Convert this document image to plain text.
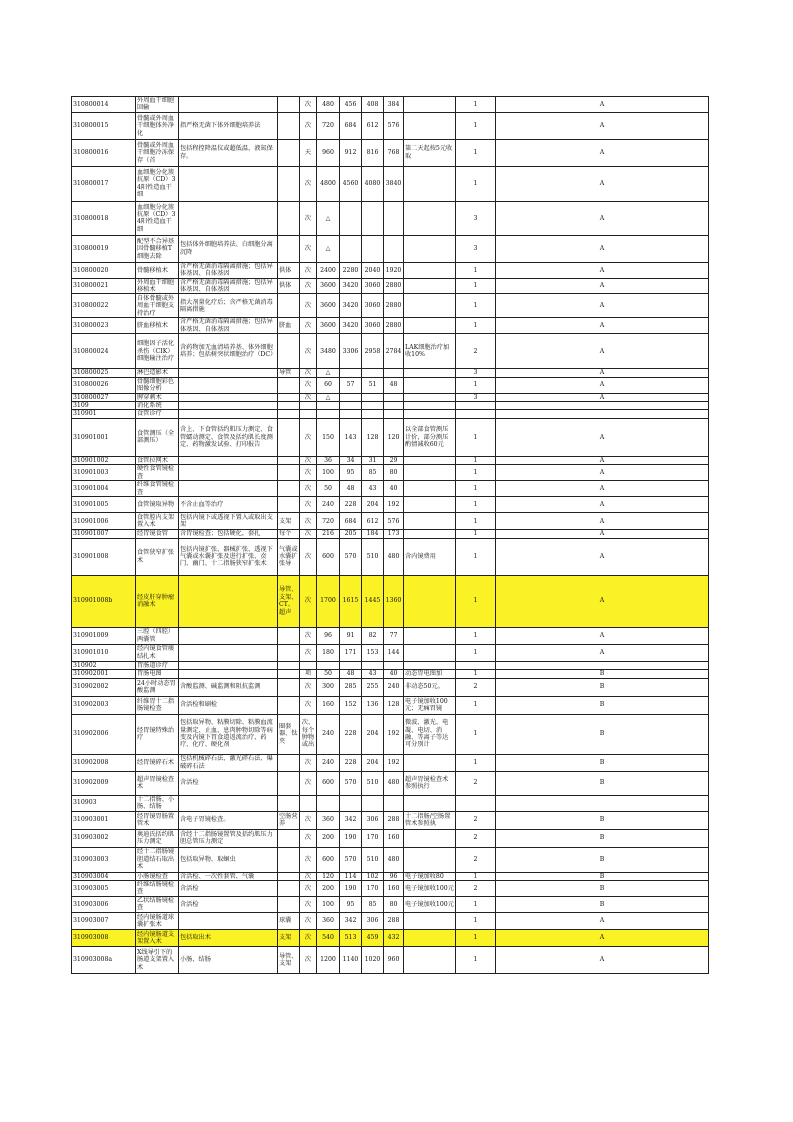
310800014	外周血干细胞回输			次	480	456	408	384		1	A
310800015	骨髓或外周血干细胞体外净化	指严格无菌下体外细胞培养法		次	720	684	612	576		1	A
310800016	骨髓或外周血干细胞冷冻保存（首	包括程控降温仪或超低温、液氮保存。		天	960	912	816	768	第二天起按5元收取	1	A
310800017	血细胞分化簇抗原（CD）34阳性造血干细			次	4800	4560	4080	3840		1	A
310800018	血细胞分化簇抗原（CD）34阳性造血干细			次	△					3	A
310800019	配型不合异基因骨髓移植T细胞去除	包括体外细胞培养法、白细胞分离沉降		次	△					3	A
310800020	骨髓移植术	含严格无菌消毒隔离措施；包括异体基因、自体基因	供体	次	2400	2280	2040	1920		1	A
310800021	外周血干细胞移植术	含严格无菌消毒隔离措施；包括异体基因、自体基因	供体	次	3600	3420	3060	2880		1	A
310800022	自体骨髓或外周血干细胞支持治疗	指大剂量化疗后；含严格无菌消毒隔离措施		次	3600	3420	3060	2880		1	A
310800023	脐血移植术	含严格无菌消毒隔离措施；包括异体基因、自体基因	脐血	次	3600	3420	3060	2880		1	A
310800024	细胞因子活化杀伤（CIK）细胞输注治疗	含药物加无血清培养基、体外细胞培养；包括树突状细胞治疗（DC）		次	3480	3306	2958	2784	LAK细胞治疗加收10%	2	A
310800025	淋巴造影术		导管	次	△					3	A
310800026	骨髓细胞彩色图像分析			次	60	57	51	48		1	A
310800027	脾穿刺术			次	△					3	A
3109	消化系统										
310901	食管诊疗										
310901001	食管测压（全部测压）	含上、下食管括约肌压力测定、食管蠕动测定、食管及括约肌长度测定、药物激发试验、打印报告		次	150	143	128	120	以全部食管测压计价，部分测压酌情减收60元	1	A
310901002	食管拉网术			次	36	34	31	29		1	A
310901003	硬性食管镜检查			次	100	95	85	80		1	A
310901004	纤维食管镜检查			次	50	48	43	40		1	A
310901005	食管镜取异物	不含止血等治疗		次	240	228	204	192		1	A
310901006	食管腔内支架置入术	包括内镜下或透视下置入或取出支架	支架	次	720	684	612	576		1	A
310901007	经胃镜食管	含胃镜检查；包括硬化，套扎	每个	次	216	205	184	173		1	A
310901008	食管狭窄扩张术	包括内镜扩张、器械扩张、透视下气囊或水囊扩张及进行扩张、贲门、幽门、十二指肠狭窄扩张术	气囊或水囊扩张导	次	600	570	510	480	含内镜费用	1	A
310901008b	经皮肝穿肿瘤消融术		导管、支架、CT、超声	次	1700	1615	1445	1360		1	A
310901009	三腔（四腔）两囊管			次	96	91	82	77		1	A
310901010	经内镜食管瘘结扎术			次	180	171	153	144		1	A
310902	胃肠道诊疗										
310902001	胃肠电图			项	50	48	43	40	动态胃电图加	1	B
310902002	24小时动态胃酸监测	含酸监测、碱监测和阻抗监测		次	300	285	255	240	非动态50元。	2	B
310902003	纤维胃十二指肠镜检查	含活检和刷检		次	160	152	136	128	电子镜加收100元；无痛胃镜	1	B
310902006	经胃镜特殊治疗	包括取异物、粘膜切除、粘膜血流量测定、止血、息肉肿物切除等病变及内镜下胃食道返流治疗、药疗、化疗、硬化剂	圈套器、钛夹	次、每个肿物或出	240	228	204	192	微波、激光、电凝、电切、消融、等离子等达可分别计	1	B
310902008	经胃镜碎石术	包括机械碎石法、激光碎石法、爆破碎石法		次	240	228	204	192		1	B
310902009	超声胃镜检查术	含活检		次	600	570	510	480	超声胃镜检查术参照执行	2	B
310903	十二指肠、小肠、结肠										
310903001	经胃镜胃肠置管术	含电子胃镜检查。	空肠营养	次	360	342	306	288	十二指肠/空肠置管术参照执	2	B
310903002	奥迪氏括约肌压力测定	含经十二指肠镜置管及括约肌压力胆总管压力测定		次	200	190	170	160		2	B
310903003	经十二指肠镜胆道结石取出术	包括取异物、取蛔虫		次	600	570	510	480		2	B
310903004	小肠镜检查	含活检、一次性套管、气囊		次	120	114	102	96	电子镜加收80	1	B
310903005	纤维结肠镜检查	含活检		次	200	190	170	160	电子镜加收100元	2	B
310903006	乙状结肠镜检查	含活检		次	100	95	85	80	电子镜加收100元	1	B
310903007	经内镜肠道球囊扩张术		球囊	次	360	342	306	288		1	A
310903008	经内镜肠道支架置入术	包括取出术	支架	次	540	513	459	432		1	A
310903008a	X线导引下的肠道支架置入术	小肠、结肠	导管、支架	次	1200	1140	1020	960		1	A
